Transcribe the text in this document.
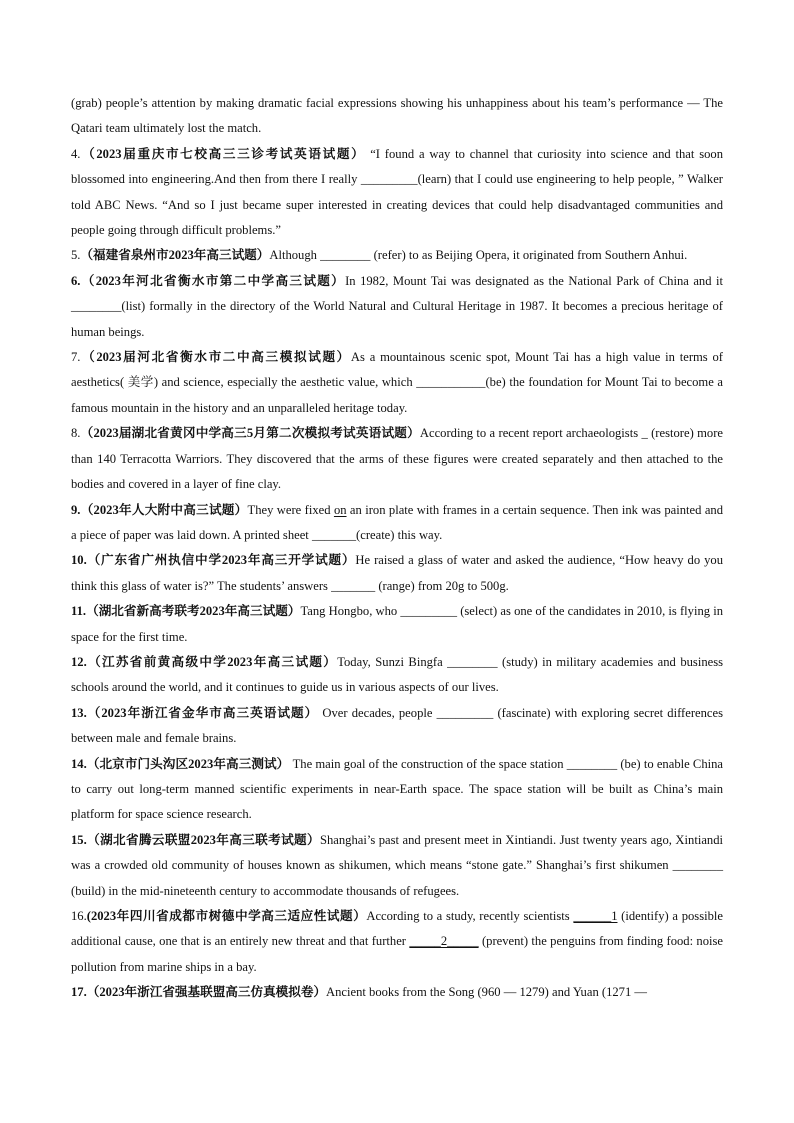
(grab) people’s attention by making dramatic facial expressions showing his unhappiness about his team’s performance — The Qatari team ultimately lost the match.

4.（2023届重庆市七校高三三诊考试英语试题） “I found a way to channel that curiosity into science and that soon blossomed into engineering.And then from there I really _________(learn) that I could use engineering to help people, ” Walker told ABC News. “And so I just became super interested in creating devices that could help disadvantaged communities and people going through difficult problems.”

5.（福建省泉州市2023年高三试题）Although ________ (refer) to as Beijing Opera, it originated from Southern Anhui.

6.（2023年河北省衡水市第二中学高三试题）In 1982, Mount Tai was designated as the National Park of China and it ________(list) formally in the directory of the World Natural and Cultural Heritage in 1987. It becomes a precious heritage of human beings.

7.（2023届河北省衡水市二中高三模拟试题）As a mountainous scenic spot, Mount Tai has a high value in terms of aesthetics( 美学) and science, especially the aesthetic value, which ___________(be) the foundation for Mount Tai to become a famous mountain in the history and an unparalleled heritage today.

8.（2023届湖北省黄冈中学高三5月第二次模拟考试英语试题）According to a recent report archaeologists _ (restore) more than 140 Terracotta Warriors. They discovered that the arms of these figures were created separately and then attached to the bodies and covered in a layer of fine clay.

9.（2023年人大附中高三试题）They were fixed on an iron plate with frames in a certain sequence. Then ink was painted and a piece of paper was laid down. A printed sheet _______(create) this way.

10.（广东省广州执信中学2023年高三开学试题）He raised a glass of water and asked the audience, “How heavy do you think this glass of water is?” The students’ answers _______ (range) from 20g to 500g.

11.（湖北省新高考联考2023年高三试题）Tang Hongbo, who _________ (select) as one of the candidates in 2010, is flying in space for the first time.

12.（江苏省前黄高级中学2023年高三试题）Today, Sunzi Bingfa ________ (study) in military academies and business schools around the world, and it continues to guide us in various aspects of our lives.

13.（2023年浙江省金华市高三英语试题） Over decades, people _________ (fascinate) with exploring secret differences between male and female brains.

14.（北京市门头沟区2023年高三测试） The main goal of the construction of the space station ________ (be) to enable China to carry out long-term manned scientific experiments in near-Earth space. The space station will be built as China’s main platform for space science research.

15.（湖北省腾云联盟2023年高三联考试题）Shanghai’s past and present meet in Xintiandi. Just twenty years ago, Xintiandi was a crowded old community of houses known as shikumen, which means “stone gate.” Shanghai’s first shikumen ________ (build) in the mid-nineteenth century to accommodate thousands of refugees.

16.(2023年四川省成都市树德中学高三适应性试题）According to a study, recently scientists ______1 (identify) a possible additional cause, one that is an entirely new threat and that further _____2_____ (prevent) the penguins from finding food: noise pollution from marine ships in a bay.

17.（2023年浙江省强基联盟高三仿真模拟卷）Ancient books from the Song (960 — 1279) and Yuan (1271 —
